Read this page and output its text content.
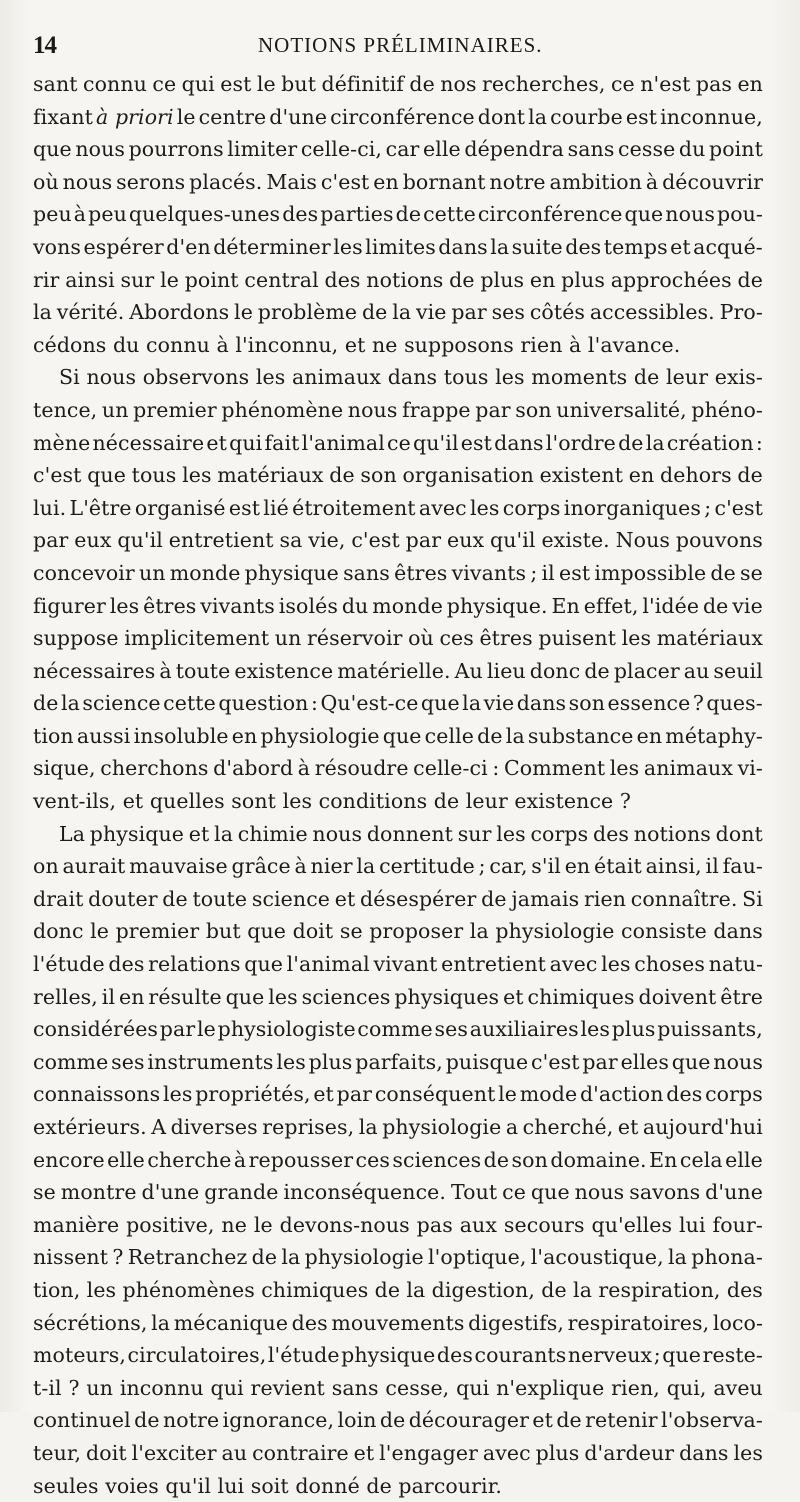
14	NOTIONS PRÉLIMINAIRES.
sant connu ce qui est le but définitif de nos recherches, ce n'est pas en
fixant à priori le centre d'une circonférence dont la courbe est inconnue,
que nous pourrons limiter celle-ci, car elle dépendra sans cesse du point
où nous serons placés. Mais c'est en bornant notre ambition à découvrir
peu à peu quelques-unes des parties de cette circonférence que nous pou-
vons espérer d'en déterminer les limites dans la suite des temps et acqué-
rir ainsi sur le point central des notions de plus en plus approchées de
la vérité. Abordons le problème de la vie par ses côtés accessibles. Pro-
cédons du connu à l'inconnu, et ne supposons rien à l'avance.
Si nous observons les animaux dans tous les moments de leur exis-
tence, un premier phénomène nous frappe par son universalité, phéno-
mène nécessaire et qui fait l'animal ce qu'il est dans l'ordre de la création :
c'est que tous les matériaux de son organisation existent en dehors de
lui. L'être organisé est lié étroitement avec les corps inorganiques ; c'est
par eux qu'il entretient sa vie, c'est par eux qu'il existe. Nous pouvons
concevoir un monde physique sans êtres vivants ; il est impossible de se
figurer les êtres vivants isolés du monde physique. En effet, l'idée de vie
suppose implicitement un réservoir où ces êtres puisent les matériaux
nécessaires à toute existence matérielle. Au lieu donc de placer au seuil
de la science cette question : Qu'est-ce que la vie dans son essence ? ques-
tion aussi insoluble en physiologie que celle de la substance en métaphy-
sique, cherchons d'abord à résoudre celle-ci : Comment les animaux vi-
vent-ils, et quelles sont les conditions de leur existence ?
La physique et la chimie nous donnent sur les corps des notions dont
on aurait mauvaise grâce à nier la certitude ; car, s'il en était ainsi, il fau-
drait douter de toute science et désespérer de jamais rien connaître. Si
donc le premier but que doit se proposer la physiologie consiste dans
l'étude des relations que l'animal vivant entretient avec les choses natu-
relles, il en résulte que les sciences physiques et chimiques doivent être
considérées par le physiologiste comme ses auxiliaires les plus puissants,
comme ses instruments les plus parfaits, puisque c'est par elles que nous
connaissons les propriétés, et par conséquent le mode d'action des corps
extérieurs. A diverses reprises, la physiologie a cherché, et aujourd'hui
encore elle cherche à repousser ces sciences de son domaine. En cela elle
se montre d'une grande inconséquence. Tout ce que nous savons d'une
manière positive, ne le devons-nous pas aux secours qu'elles lui four-
nissent ? Retranchez de la physiologie l'optique, l'acoustique, la phona-
tion, les phénomènes chimiques de la digestion, de la respiration, des
sécrétions, la mécanique des mouvements digestifs, respiratoires, loco-
moteurs, circulatoires, l'étude physique des courants nerveux ; que reste-
t-il ? un inconnu qui revient sans cesse, qui n'explique rien, qui, aveu
continuel de notre ignorance, loin de décourager et de retenir l'observa-
teur, doit l'exciter au contraire et l'engager avec plus d'ardeur dans les
seules voies qu'il lui soit donné de parcourir.
